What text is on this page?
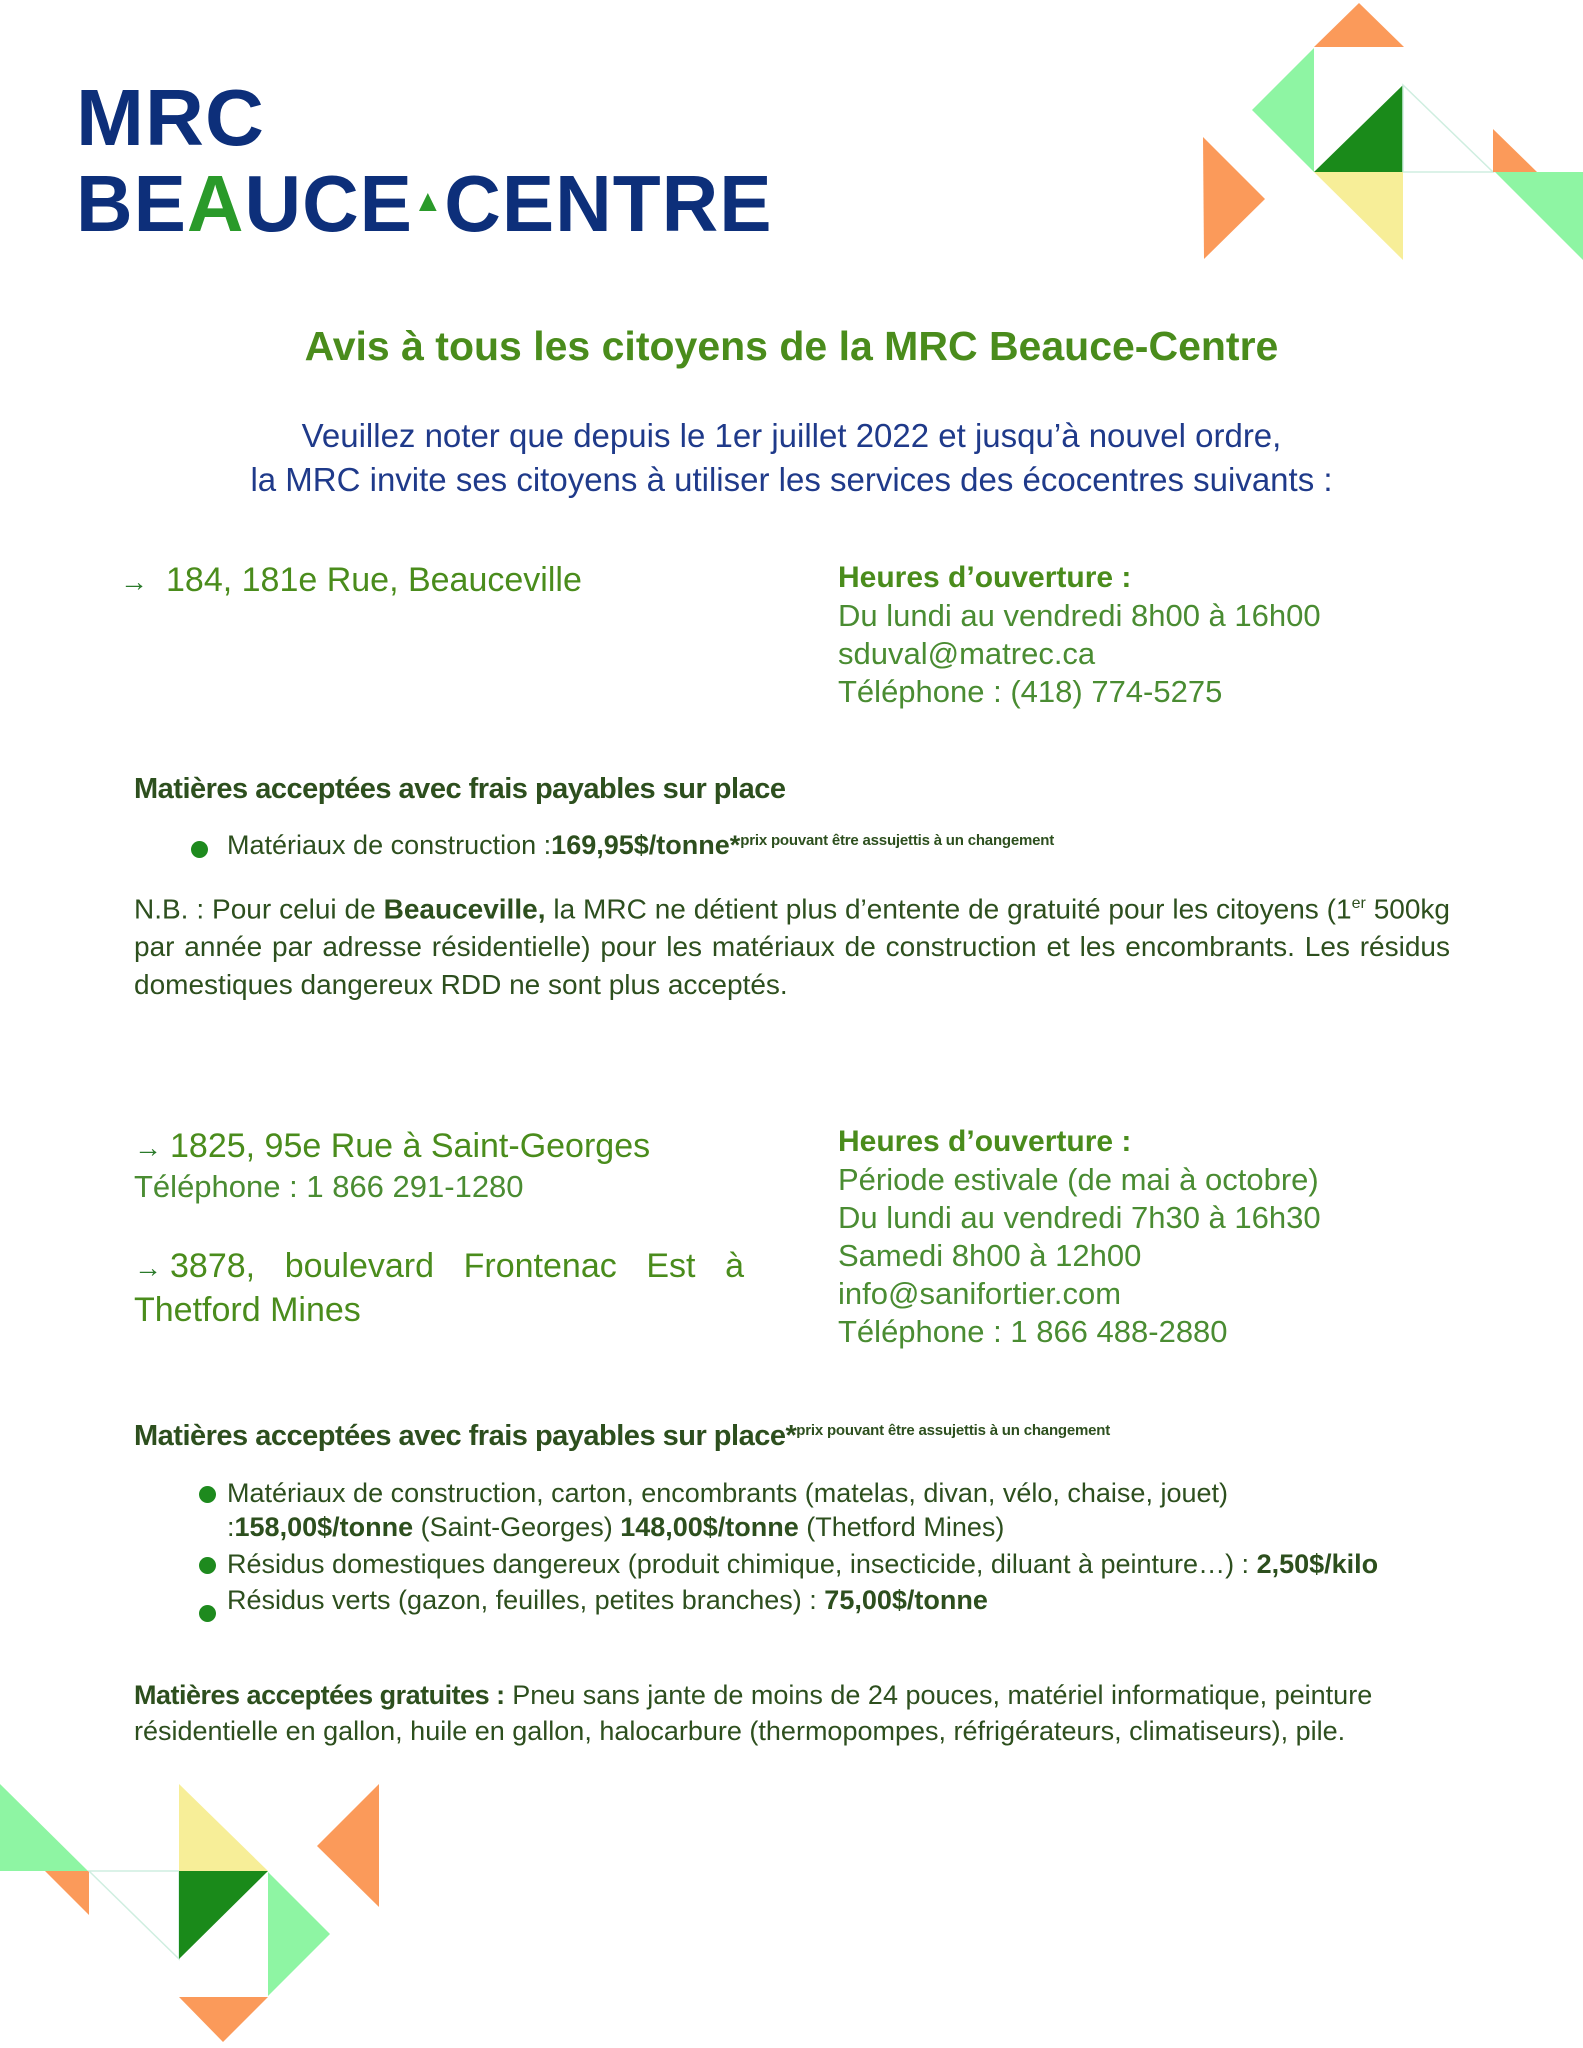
MRC
BEAUCE CENTRE
Avis à tous les citoyens de la MRC Beauce-Centre
Veuillez noter que depuis le 1er juillet 2022 et jusqu’à nouvel ordre,
la MRC invite ses citoyens à utiliser les services des écocentres suivants :
→ 184, 181e Rue, Beauceville	Heures d’ouverture :
Du lundi au vendredi 8h00 à 16h00
sduval@matrec.ca
Téléphone : (418) 774-5275
Matières acceptées avec frais payables sur place
Matériaux de construction :169,95$/tonne*$^{prix pouvant être assujettis à un changement}$
N.B. : Pour celui de Beauceville, la MRC ne détient plus d’entente de gratuité pour les citoyens (1er 500kg par année par adresse résidentielle) pour les matériaux de construction et les encombrants. Les résidus domestiques dangereux RDD ne sont plus acceptés.
→ 1825, 95e Rue à Saint-Georges
Téléphone : 1 866 291-1280
→ 3878, boulevard Frontenac Est à
Thetford Mines
Heures d’ouverture :
Période estivale (de mai à octobre)
Du lundi au vendredi 7h30 à 16h30
Samedi 8h00 à 12h00
info@sanifortier.com
Téléphone : 1 866 488-2880
Matières acceptées avec frais payables sur place*$^{prix pouvant être assujettis à un changement}$
Matériaux de construction, carton, encombrants (matelas, divan, vélo, chaise, jouet)
:158,00$/tonne (Saint-Georges) 148,00$/tonne (Thetford Mines)
Résidus domestiques dangereux (produit chimique, insecticide, diluant à peinture…) : 2,50$/kilo
Résidus verts (gazon, feuilles, petites branches) : 75,00$/tonne
Matières acceptées gratuites : Pneu sans jante de moins de 24 pouces, matériel informatique, peinture résidentielle en gallon, huile en gallon, halocarbure (thermopompes, réfrigérateurs, climatiseurs), pile.
